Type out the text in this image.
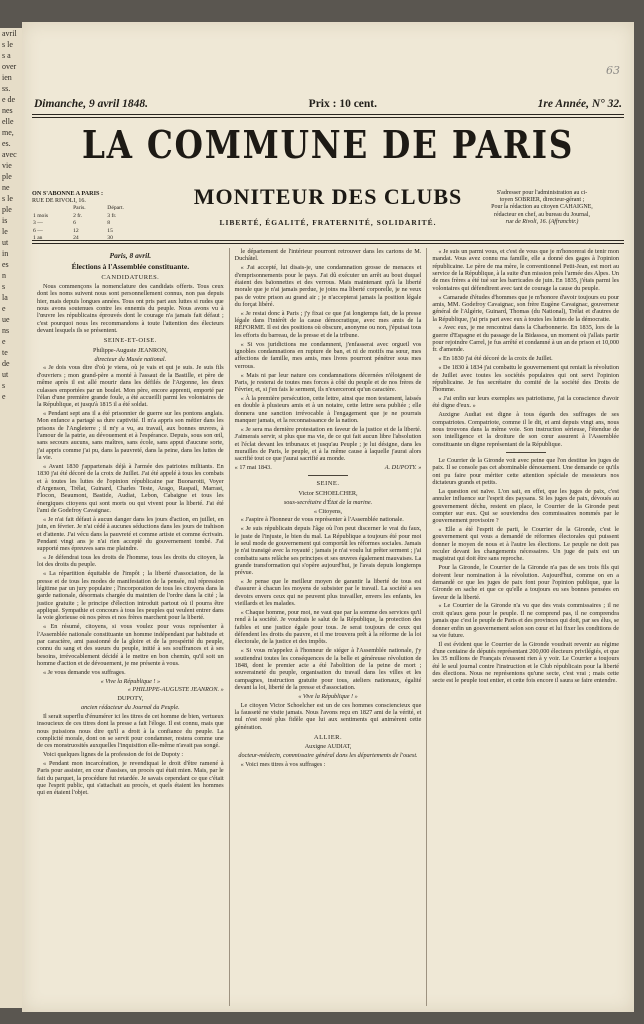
avril
s le
s a
over
ien
ss.
e de
nes
elle
me,
es.
avec
vie
ple
ne
s le
ple
is
le
ut
in
es
n
s
la
e
ue
ns
e
te
de
ut
s
e
63
Dimanche, 9 avril 1848.	Prix : 10 cent.	1re Année, N° 32.
LA COMMUNE DE PARIS
ON S'ABONNE A PARIS :
RUE DE RIVOLI, 16.
	Paris.	Départ.
1 mois	2 fr.	3 fr.
3 —	6	8
6 —	12	15
1 an	24	30
MONITEUR DES CLUBS	S'adresser pour l'administration au ci-
toyen SOBRIER, directeur-gérant ;
Pour la rédaction au citoyen CAHAIGNE,
rédacteur en chef, au bureau du Journal,
rue de Rivoli, 16. (Affranchir.)
LIBERTÉ, ÉGALITÉ, FRATERNITÉ, SOLIDARITÉ.
Paris, 8 avril.
Élections à l'Assemblée constituante.
CANDIDATURES.

Nous commençons la nomenclature des candidats offerts. Tous ceux dont les noms suivent nous sont personnellement connus, non pas depuis hier, mais depuis longues années. Tous ont pris part aux luttes si rudes que nous avons soutenues contre les ennemis du peuple. Nous avons vu à l'œuvre les républicains éprouvés dont le courage n'a jamais fait défaut ; c'est pourquoi nous les recommandons à toute l'attention des électeurs devant lesquels ils se présentent.

SEINE-ET-OISE.

Philippe-Auguste JEANRON,

directeur du Musée national.

« Je dois vous dire d'où je viens, où je vais et qui je suis. Je suis fils d'ouvriers ; mon grand-père a monté à l'assaut de la Bastille, et père de même après il est allé mourir dans les défilés de l'Argonne, les deux culasses emportées par un boulet. Mon père, encore apprenti, emporté par l'élan d'une première grande foule, a été accueilli parmi les volontaires de la République, et jusqu'à 1815 il a été soldat.

« Pendant sept ans il a été prisonnier de guerre sur les pontons anglais. Mon enfance a partagé sa dure captivité. Il m'a appris son métier dans les prisons de l'Angleterre ; il m'y a vu, au travail, aux bonnes œuvres, à l'amour de la patrie, au dévouement et à l'espérance. Depuis, sous son œil, sans secours aucuns, sans maîtres, sans école, sans appui d'aucune sorte, j'ai appris comme j'ai pu, dans la pauvreté, dans la peine, dans les luttes de la vie.

« Avant 1830 j'appartenais déjà à l'armée des patriotes militants. En 1830 j'ai été décoré de la croix de Juillet. J'ai été appelé à tous les combats et à toutes les luttes de l'opinion républicaine par Buonarotti, Voyer d'Argenson, Trélat, Guinard, Charles Teste, Arago, Raspail, Marrast, Flocon, Beaumont, Bastide, Audiat, Lebon, Cabaigne et tous les énergiques citoyens qui sont morts ou qui vivent pour la liberté. J'ai été l'ami de Godefroy Cavaignac.

« Je n'ai fait défaut à aucun danger dans les jours d'action, en juillet, en juin, en février. Je n'ai cédé à aucunes séductions dans les jours de trahison et d'attente. J'ai vécu dans la pauvreté et comme artiste et comme écrivain. Pendant vingt ans je n'ai rien accepté du gouvernement tombé. J'ai supporté mes épreuves sans me plaindre.

« Je défendrai tous les droits de l'homme, tous les droits du citoyen, la loi des droits du peuple.

« La répartition équitable de l'impôt ; la liberté d'association, de la presse et de tous les modes de manifestation de la pensée, nul répression légitime par un jury populaire ; l'incorporation de tous les citoyens dans la garde nationale, désormais chargée du maintien de l'ordre dans la cité ; la justice gratuite ; le principe d'élection introduit partout où il pourra être appliqué. Sympathie et concours à tous les peuples qui veulent entrer dans la voie glorieuse où nos pères et nos frères marchent pour la liberté.

« En résumé, citoyens, si vous voulez pour vous représenter à l'Assemblée nationale constituante un homme indépendant par habitude et par caractère, ami passionné de la gloire et de la prospérité du peuple, connu du sang et des sueurs du peuple, initié à ses souffrances et à ses besoins, irrévocablement décidé à le mettre en bon chemin, qu'il soit un homme d'action et de dévouement, je me présente à vous.

« Je vous demande vos suffrages.

« Vive la République ! »

« PHILIPPE-AUGUSTE JEANRON. »

DUPOTY,

ancien rédacteur du Journal du Peuple.

Il serait superflu d'énumérer ici les titres de cet homme de bien, vertueux insoucieux de ces titres dont la presse a fait l'éloge. Il est connu, mais que nous puissions nous dire qu'il a droit à la confiance du peuple. La complicité morale, dont on se servit pour condamner, restera comme une de ces monstruosités auxquelles l'inquisition elle-même n'avait pas songé.

Voici quelques lignes de la profession de foi de Dupoty :

« Pendant mon incarcération, je revendiquai le droit d'être ramené à Paris pour assister, en cour d'assises, un procès qui était mien. Mais, par le fait du parquet, la procédure fut retardée. Je savais cependant ce que c'était que l'esprit public, qui s'attachait au procès, et quels étaient les hommes qui en étaient l'objet.

le département de l'intérieur pourront retrouver dans les cartons de M. Duchâtel.

« J'ai accepté, lui disais-je, une condamnation grosse de menaces et d'emprisonnements pour le pays. J'ai dû exécuter un arrêt au bout duquel étaient des baïonnettes et des verrous. Mais maintenant qu'à la liberté morale que je n'ai jamais perdue, je joins ma liberté corporelle, je ne veux pas de votre prison au grand air ; je n'accepterai jamais la position légale du forçat libéré.

« Je restai donc à Paris ; j'y fixai ce que j'ai longtemps fait, de la presse légale dans l'intérêt de la cause démocratique, avec mes amis de la RÉFORME. Il est des positions où obscure, anonyme ou non, j'épuisai tous les efforts du barreau, de la presse et de la tribune.

« Si vos juridictions me condamnent, j'enfasserai avec orgueil vos ignobles condamnations en rupture de ban, et ni de motifs ma sœur, mes affections de famille, mes amis, mes livres pourront pénétrer sous mes verrous.

« Mais ni par leur nature ces condamnations décernées n'éloignent de Paris, je resterai de toutes mes forces à côté du peuple et de nos frères de Février, et, si j'en fais le serment, ils n'exerceront qu'un caractère.

« À la première persécution, cette lettre, ainsi que mon testament, laissés en double à plusieurs amis et à un notaire, cette lettre sera publiée ; elle donnera une sanction irrévocable à l'engagement que je ne pourrais manquer jamais, et la reconnaissance de la nation.

« Je sera ma dernière protestation en faveur de la justice et de la liberté. J'aimerais servir, si plus que ma vie, de ce qui fait aucun libre l'absolution et l'éclat devant les tribunaux et jusqu'au Peuple ; je lui désigne, dans les murailles de Paris, le peuple, et à la même cause à laquelle j'aurai alors sacrifié tout ce que j'aurai sacrifié au monde.

« 17 mai 1843.	A. DUPOTY. »

SEINE.

Victor SCHOELCHER,

sous-secrétaire d'État de la marine.

« Citoyens,

« J'aspire à l'honneur de vous représenter à l'Assemblée nationale.

« Je suis républicain depuis l'âge où l'on peut discerner le vrai du faux, le juste de l'injuste, le bien du mal. La République a toujours été pour moi le seul mode de gouvernement qui comportât les réformes sociales. Jamais je n'ai transigé avec la royauté ; jamais je n'ai voulu lui prêter serment ; j'ai combattu sans relâche ses principes et ses œuvres également mauvaises. La grande transformation qui s'opère aujourd'hui, je l'avais depuis longtemps prévue.

« Je pense que le meilleur moyen de garantir la liberté de tous est d'assurer à chacun les moyens de subsister par le travail. La société a ses devoirs envers ceux qui ne peuvent plus travailler, envers les enfants, les vieillards et les malades.

« Chaque homme, pour moi, ne vaut que par la somme des services qu'il rend à la société. Je voudrais le salut de la République, la protection des faibles et une justice égale pour tous. Je serai toujours de ceux qui défendent les droits du pauvre, et il me trouvera prêt à la réforme de la loi électorale, de la justice et des impôts.

« Si vous m'appelez à l'honneur de siéger à l'Assemblée nationale, j'y soutiendrai toutes les conséquences de la belle et généreuse révolution de 1848, dont le premier acte a été l'abolition de la peine de mort ; souveraineté du peuple, organisation du travail dans les villes et les campagnes, instruction gratuite pour tous, ateliers nationaux, égalité devant la loi, liberté de la presse et d'association.

« Vive la République ! »

Le citoyen Victor Schoelcher est un de ces hommes consciencieux que la fausseté ne visite jamais. Nous l'avons reçu en 1827 ami de la vérité, et nul n'est resté plus fidèle que lui aux sentiments qui animèrent cette génération.

ALLIER.

Auxigne AUDIAT,

docteur-médecin, commissaire général dans les départements de l'ouest.

« Voici mes titres à vos suffrages :

« Je suis un parmi vous, et c'est de vous que je m'honorerai de tenir mon mandat. Vous avez connu ma famille, elle a donné des gages à l'opinion républicaine. Le père de ma mère, le conventionnel Petit-Jean, est mort au service de la République, à la suite d'un mission près l'armée des Alpes. Un de mes frères a été tué sur les barricades de juin. En 1835, j'étais parmi les volontaires qui défendirent avec tant de courage la cause du peuple.

« Camarade d'études d'hommes que je m'honore d'avoir toujours eu pour amis, MM. Godefroy Cavaignac, son frère Eugène Cavaignac, gouverneur général de l'Algérie, Guinard, Thomas (du National), Trélat et d'autres de la République, j'ai pris part avec eux à toutes les luttes de la démocratie.

« Avec eux, je me rencontrai dans la Charbonnerie. En 1835, lors de la guerre d'Espagne et du passage de la Bidassoa, un moment où j'allais partir pour rejoindre Carrel, je fus arrêté et condamné à un an de prison et 10,000 fr. d'amende.

« En 1830 j'ai été décoré de la croix de Juillet.

« De 1830 à 1834 j'ai combattu le gouvernement qui reniait la révolution de Juillet avec toutes les sociétés populaires qui ont servi l'opinion républicaine. Je fus secrétaire du comité de la société des Droits de l'homme.

« J'ai enfin sur leurs exemples ses patriotisme, j'ai la conscience d'avoir été digne d'eux. »

Auxigne Audiat est digne à tous égards des suffrages de ses compatriotes. Compatriote, comme il le dit, et ami depuis vingt ans, nous nous trouvons dans la même voie. Son instruction sérieuse, l'étendue de son intelligence et la droiture de son cœur assurent à l'Assemblée constituante un digne représentant de la République.

Le Courrier de la Gironde voit avec peine que l'on destitue les juges de paix. Il se console pas cet abominable dénouement. Une demande ce qu'ils ont pu faire pour mériter cette attention spéciale de messieurs nos dictateurs grands et petits.

La question est naïve. L'on sait, en effet, que les juges de paix, c'est annuler influence sur l'esprit des paysans. Si les juges de paix, dévoués au gouvernement déchu, restent en place, le Courrier de la Gironde peut compter sur eux. Qui se souviendra des commissaires nommés par le gouvernement provisoire ?

« Elle a été l'esprit de parti, le Courrier de la Gironde, c'est le gouvernement qui vous a demandé de réformes électorales qui puissent donner le moyen de nous et à l'autre les élections. Le peuple ne doit pas reculer devant les changements nécessaires. Un juge de paix est un magistrat qui doit être sans reproche.

Pour la Gironde, le Courrier de la Gironde n'a pas de ses trois fils qui doivent leur nomination à la révolution. Aujourd'hui, comme on en a demandé ce que les juges de paix font pour l'opinion publique, que la Gironde en sache et que ce qu'elle a toujours eu ses bonnes pensées en faveur de la liberté.

« Le Courrier de la Gironde n'a vu que des vrais commissaires ; il ne croit qu'aux gens pour le peuple. Il ne comprend pas, il ne comprendra jamais que c'est le peuple de Paris et des provinces qui doit, par ses élus, se donner enfin un gouvernement selon son cœur et lui fixer les conditions de sa vie future.

Il est évident que le Courrier de la Gironde voudrait revenir au régime d'une centaine de députés représentant 200,000 électeurs privilégiés, et que les 35 millions de Français n'eussent rien à y voir. Le Courrier a toujours été le seul journal contre l'instruction et le Club républicain pour la liberté des élections. Nous ne représentons qu'une secte, c'est vrai ; mais cette secte est le peuple tout entier, et cette fois encore il saura se faire entendre.
